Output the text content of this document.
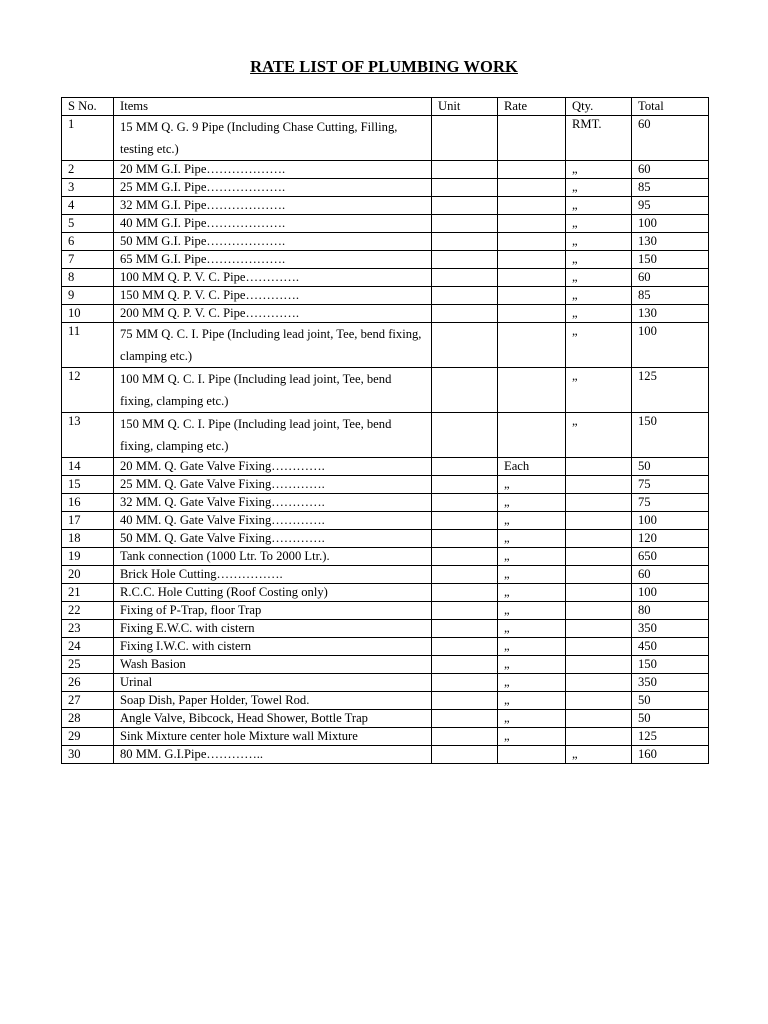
RATE LIST OF PLUMBING WORK
S No.	Items	Unit	Rate	Qty.	Total
1	15 MM Q. G. 9 Pipe (Including Chase Cutting, Filling, testing etc.)			RMT.	60
2	20 MM G.I. Pipe……………….			„	60
3	25 MM G.I. Pipe……………….			„	85
4	32 MM G.I. Pipe……………….			„	95
5	40 MM G.I. Pipe……………….			„	100
6	50 MM G.I. Pipe……………….			„	130
7	65 MM G.I. Pipe……………….			„	150
8	100 MM Q. P. V. C. Pipe………….			„	60
9	150 MM Q. P. V. C. Pipe………….			„	85
10	200 MM Q. P. V. C. Pipe………….			„	130
11	75 MM Q. C. I. Pipe (Including lead joint, Tee, bend fixing, clamping etc.)			„	100
12	100 MM Q. C. I. Pipe (Including lead joint, Tee, bend fixing, clamping etc.)			„	125
13	150 MM Q. C. I. Pipe (Including lead joint, Tee, bend fixing, clamping etc.)			„	150
14	20 MM. Q. Gate Valve Fixing………….		Each		50
15	25 MM. Q. Gate Valve Fixing………….		„		75
16	32 MM. Q. Gate Valve Fixing………….		„		75
17	40 MM. Q. Gate Valve Fixing………….		„		100
18	50 MM. Q. Gate Valve Fixing………….		„		120
19	Tank connection (1000 Ltr. To 2000 Ltr.).		„		650
20	Brick Hole Cutting…………….		„		60
21	R.C.C. Hole Cutting (Roof Costing only)		„		100
22	Fixing of P-Trap, floor Trap		„		80
23	Fixing E.W.C. with cistern		„		350
24	Fixing I.W.C. with cistern		„		450
25	Wash Basion		„		150
26	Urinal		„		350
27	Soap Dish, Paper Holder, Towel Rod.		„		50
28	Angle Valve, Bibcock, Head Shower, Bottle Trap		„		50
29	Sink Mixture center hole Mixture wall Mixture		„		125
30	80 MM. G.I.Pipe…………..			„	160
